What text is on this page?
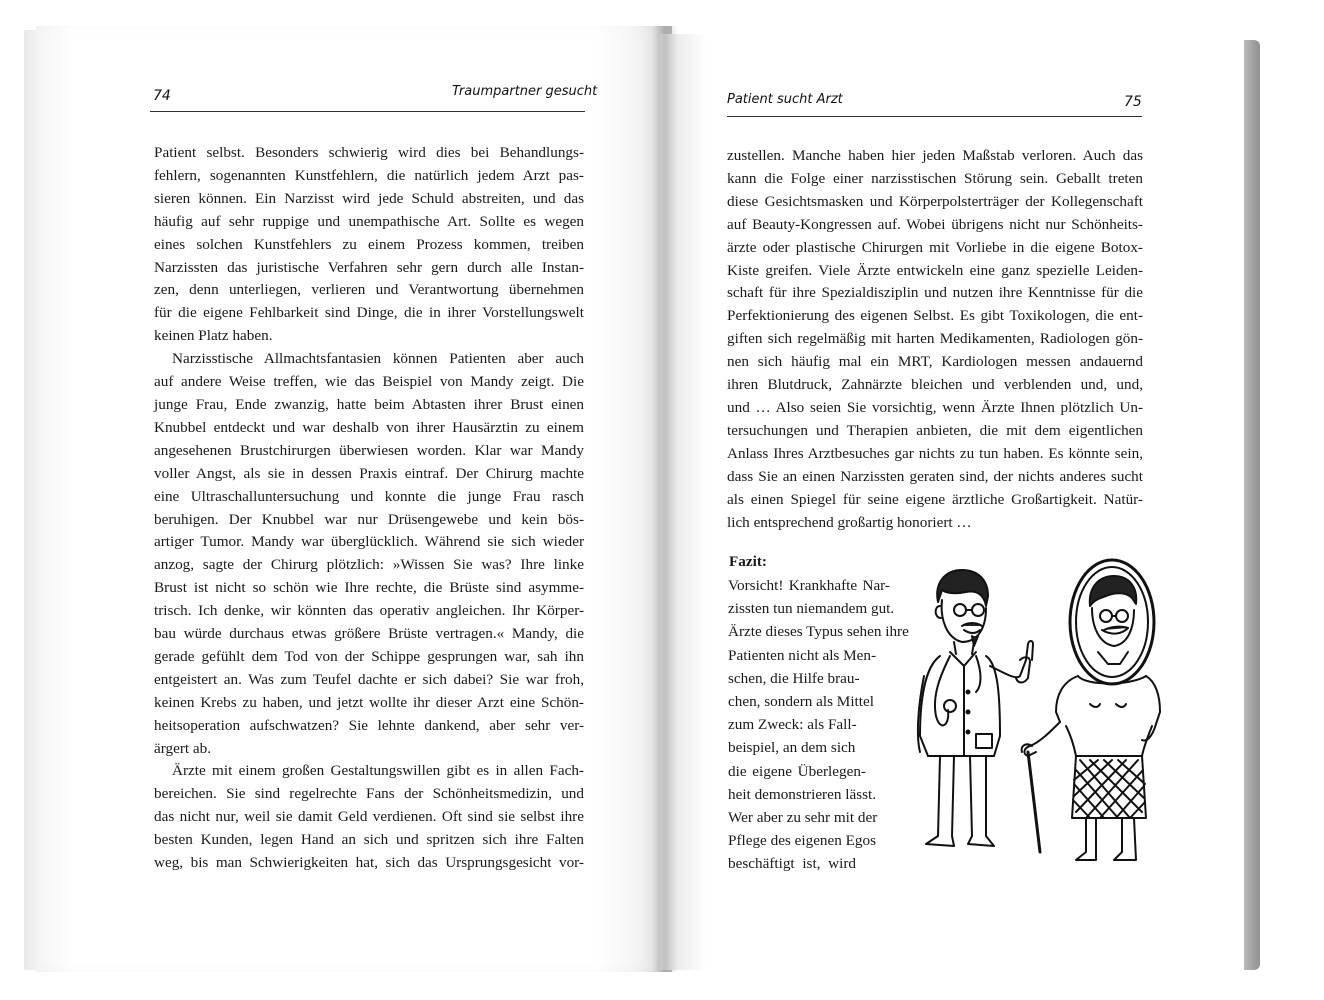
74	Traumpartner gesucht
Patient sucht Arzt	75
Patient selbst. Besonders schwierig wird dies bei Behandlungs-
fehlern, sogenannten Kunstfehlern, die natürlich jedem Arzt pas-
sieren können. Ein Narzisst wird jede Schuld abstreiten, und das
häufig auf sehr ruppige und unempathische Art. Sollte es wegen
eines solchen Kunstfehlers zu einem Prozess kommen, treiben
Narzissten das juristische Verfahren sehr gern durch alle Instan-
zen, denn unterliegen, verlieren und Verantwortung übernehmen
für die eigene Fehlbarkeit sind Dinge, die in ihrer Vorstellungswelt
keinen Platz haben.
Narzisstische Allmachtsfantasien können Patienten aber auch
auf andere Weise treffen, wie das Beispiel von Mandy zeigt. Die
junge Frau, Ende zwanzig, hatte beim Abtasten ihrer Brust einen
Knubbel entdeckt und war deshalb von ihrer Hausärztin zu einem
angesehenen Brustchirurgen überwiesen worden. Klar war Mandy
voller Angst, als sie in dessen Praxis eintraf. Der Chirurg machte
eine Ultraschalluntersuchung und konnte die junge Frau rasch
beruhigen. Der Knubbel war nur Drüsengewebe und kein bös-
artiger Tumor. Mandy war überglücklich. Während sie sich wieder
anzog, sagte der Chirurg plötzlich: »Wissen Sie was? Ihre linke
Brust ist nicht so schön wie Ihre rechte, die Brüste sind asymme-
trisch. Ich denke, wir könnten das operativ angleichen. Ihr Körper-
bau würde durchaus etwas größere Brüste vertragen.« Mandy, die
gerade gefühlt dem Tod von der Schippe gesprungen war, sah ihn
entgeistert an. Was zum Teufel dachte er sich dabei? Sie war froh,
keinen Krebs zu haben, und jetzt wollte ihr dieser Arzt eine Schön-
heitsoperation aufschwatzen? Sie lehnte dankend, aber sehr ver-
ärgert ab.
Ärzte mit einem großen Gestaltungswillen gibt es in allen Fach-
bereichen. Sie sind regelrechte Fans der Schönheitsmedizin, und
das nicht nur, weil sie damit Geld verdienen. Oft sind sie selbst ihre
besten Kunden, legen Hand an sich und spritzen sich ihre Falten
weg, bis man Schwierigkeiten hat, sich das Ursprungsgesicht vor-
zustellen. Manche haben hier jeden Maßstab verloren. Auch das
kann die Folge einer narzisstischen Störung sein. Geballt treten
diese Gesichtsmasken und Körperpolsterträger der Kollegenschaft
auf Beauty-Kongressen auf. Wobei übrigens nicht nur Schönheits-
ärzte oder plastische Chirurgen mit Vorliebe in die eigene Botox-
Kiste greifen. Viele Ärzte entwickeln eine ganz spezielle Leiden-
schaft für ihre Spezialdisziplin und nutzen ihre Kenntnisse für die
Perfektionierung des eigenen Selbst. Es gibt Toxikologen, die ent-
giften sich regelmäßig mit harten Medikamenten, Radiologen gön-
nen sich häufig mal ein MRT, Kardiologen messen andauernd
ihren Blutdruck, Zahnärzte bleichen und verblenden und, und,
und … Also seien Sie vorsichtig, wenn Ärzte Ihnen plötzlich Un-
tersuchungen und Therapien anbieten, die mit dem eigentlichen
Anlass Ihres Arztbesuches gar nichts zu tun haben. Es könnte sein,
dass Sie an einen Narzissten geraten sind, der nichts anderes sucht
als einen Spiegel für seine eigene ärztliche Großartigkeit. Natür-
lich entsprechend großartig honoriert …
Fazit:
Vorsicht! Krankhafte Nar-
zissten tun niemandem gut.
Ärzte dieses Typus sehen ihre
Patienten nicht als Men-
schen, die Hilfe brau-
chen, sondern als Mittel
zum Zweck: als Fall-
beispiel, an dem sich
die eigene Überlegen-
heit demonstrieren lässt.
Wer aber zu sehr mit der
Pflege des eigenen Egos
beschäftigt ist, wird
